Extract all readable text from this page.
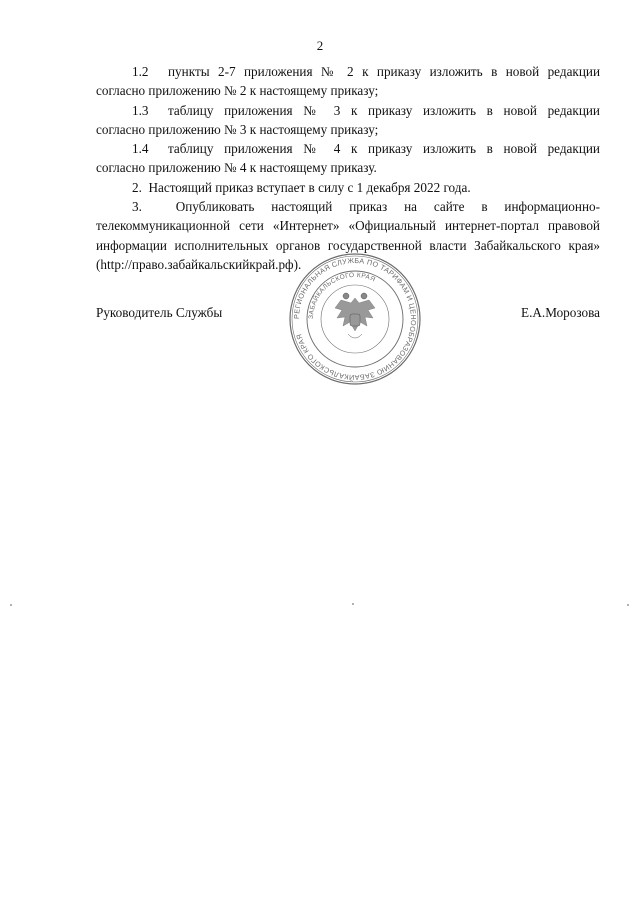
2

1.2 пункты 2-7 приложения № 2 к приказу изложить в новой редакции
согласно приложению № 2 к настоящему приказу;

1.3 таблицу приложения № 3 к приказу изложить в новой редакции
согласно приложению № 3 к настоящему приказу;

1.4 таблицу приложения № 4 к приказу изложить в новой редакции
согласно приложению № 4 к настоящему приказу.

2. Настоящий приказ вступает в силу с 1 декабря 2022 года.

3.	Опубликовать настоящий приказ на сайте в информационно-
телекоммуникационной сети «Интернет» «Официальный интернет-портал правовой информации исполнительных органов государственной власти Забайкальского края» (http://право.забайкальскийкрай.рф).

РЕГИОНАЛЬНАЯ СЛУЖБА ПО ТАРИФАМ И ЦЕНООБРАЗОВАНИЮ ЗАБАЙКАЛЬСКОГО КРАЯ
ЗАБАЙКАЛЬСКОГО КРАЯ
Руководитель Службы	Е.А.Морозова
